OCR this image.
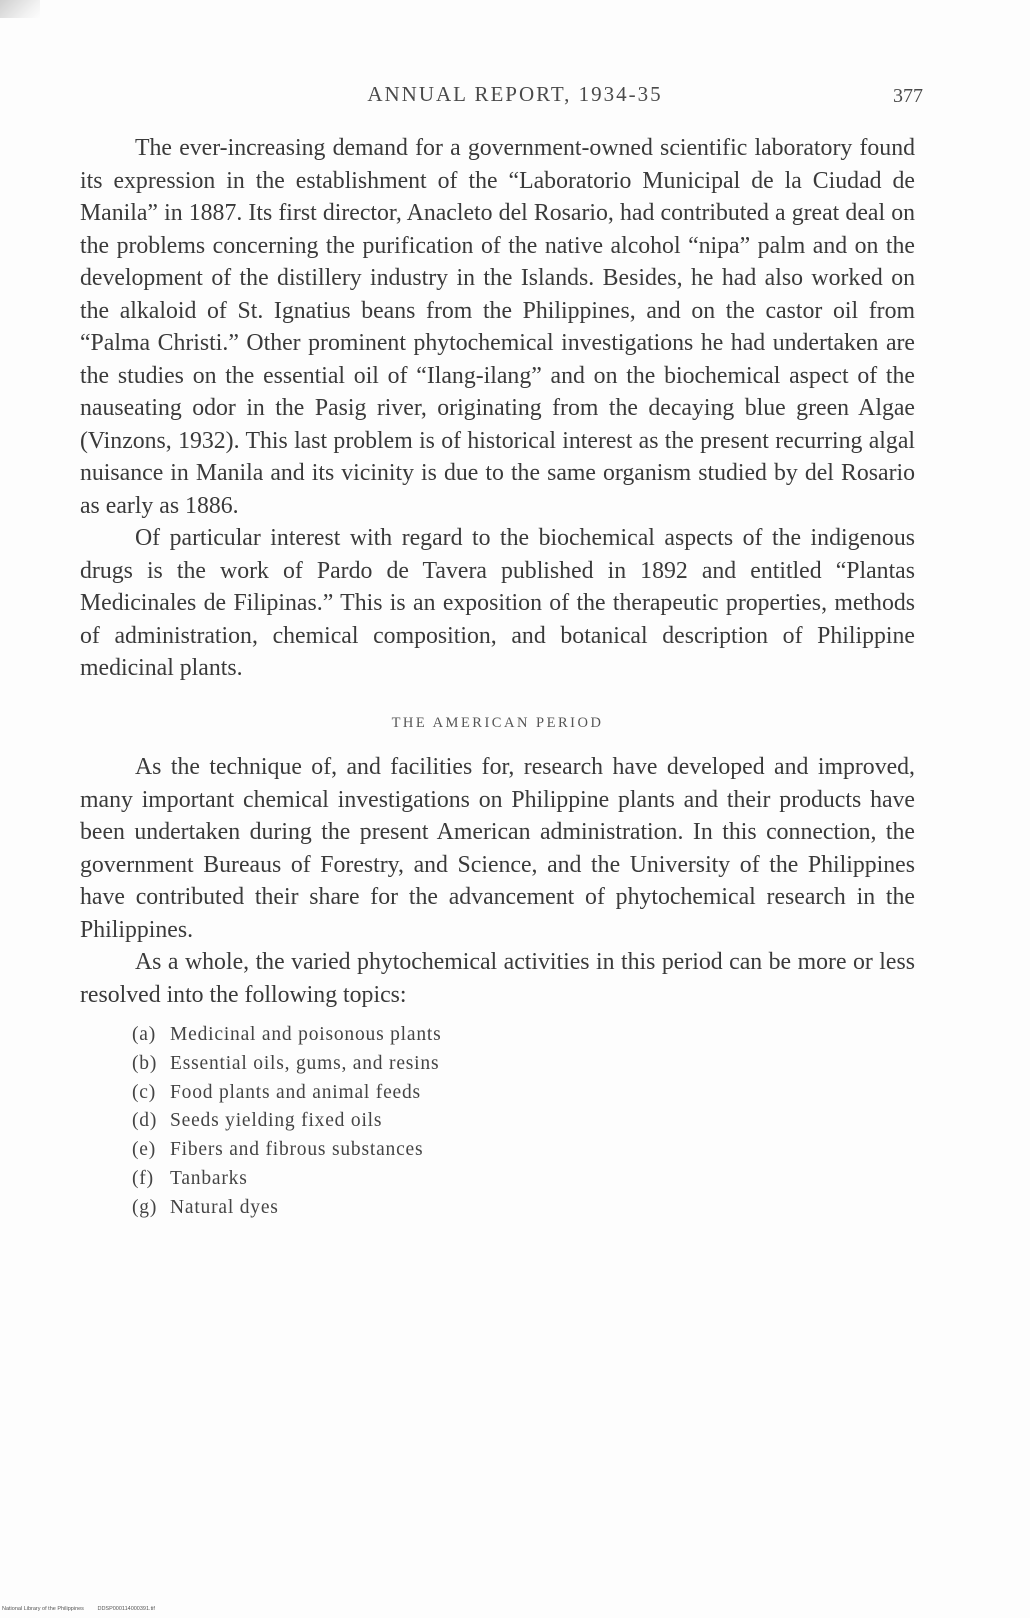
ANNUAL REPORT, 1934-35	377

The ever-increasing demand for a government-owned scientific laboratory found its expression in the establishment of the “Laboratorio Municipal de la Ciudad de Manila” in 1887. Its first director, Anacleto del Rosario, had contributed a great deal on the problems concerning the purification of the native alcohol “nipa” palm and on the development of the distillery industry in the Islands. Besides, he had also worked on the alkaloid of St. Ignatius beans from the Philippines, and on the castor oil from “Palma Christi.” Other prominent phytochemical investigations he had undertaken are the studies on the essential oil of “Ilang-ilang” and on the biochemical aspect of the nauseating odor in the Pasig river, originating from the decaying blue green Algae (Vinzons, 1932). This last problem is of historical interest as the present recurring algal nuisance in Manila and its vicinity is due to the same organism studied by del Rosario as early as 1886.

Of particular interest with regard to the biochemical aspects of the indigenous drugs is the work of Pardo de Tavera published in 1892 and entitled “Plantas Medicinales de Filipinas.” This is an exposition of the therapeutic properties, methods of administration, chemical composition, and botanical description of Philippine medicinal plants.

THE AMERICAN PERIOD

As the technique of, and facilities for, research have developed and improved, many important chemical investigations on Philippine plants and their products have been undertaken during the present American administration. In this connection, the government Bureaus of Forestry, and Science, and the University of the Philippines have contributed their share for the advancement of phytochemical research in the Philippines.

As a whole, the varied phytochemical activities in this period can be more or less resolved into the following topics:

(a) Medicinal and poisonous plants
(b) Essential oils, gums, and resins
(c) Food plants and animal feeds
(d) Seeds yielding fixed oils
(e) Fibers and fibrous substances
(f) Tanbarks
(g) Natural dyes
National Library of the Philippines DDSP000114000391.tif
